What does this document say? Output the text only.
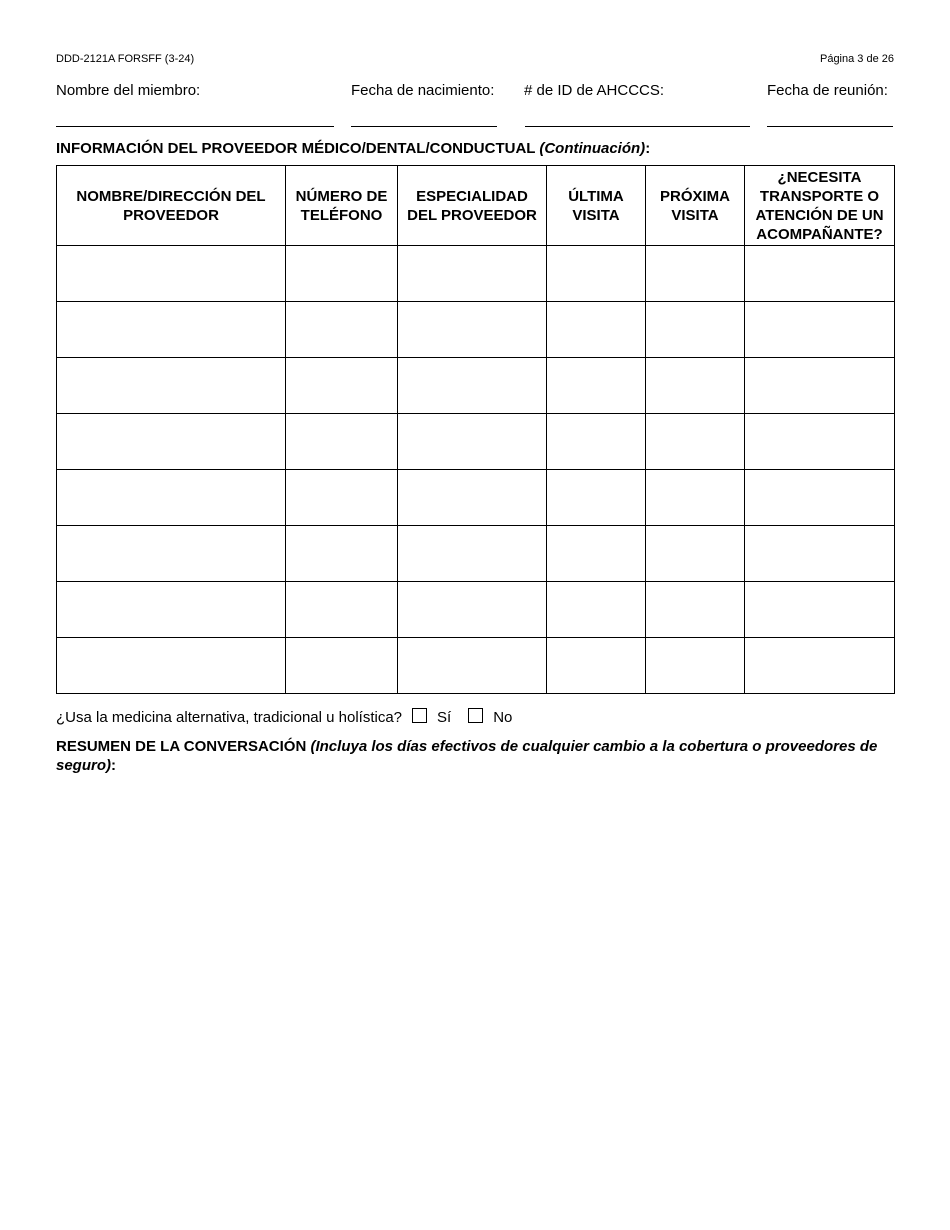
DDD-2121A FORSFF (3-24)	Página 3 de 26
Nombre del miembro:	Fecha de nacimiento: # de ID de AHCCCS:	Fecha de reunión:
INFORMACIÓN DEL PROVEEDOR MÉDICO/DENTAL/CONDUCTUAL (Continuación):
NOMBRE/DIRECCIÓN DEL PROVEEDOR	NÚMERO DE TELÉFONO	ESPECIALIDAD DEL PROVEEDOR	ÚLTIMA VISITA	PRÓXIMA VISITA	¿NECESITA TRANSPORTE O ATENCIÓN DE UN ACOMPAÑANTE?

¿Usa la medicina alternativa, tradicional u holística? Sí	No
RESUMEN DE LA CONVERSACIÓN (Incluya los días efectivos de cualquier cambio a la cobertura o proveedores de seguro):
